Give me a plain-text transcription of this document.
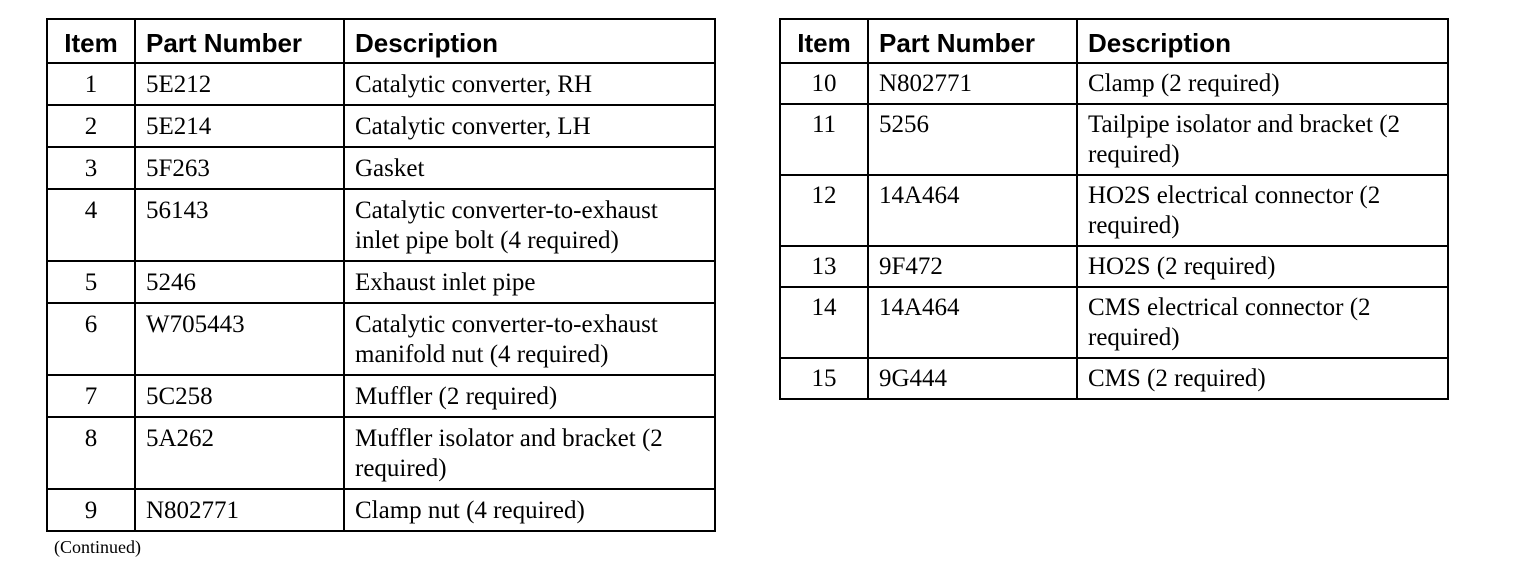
Item	Part Number	Description
1	5E212	Catalytic converter, RH
2	5E214	Catalytic converter, LH
3	5F263	Gasket
4	56143	Catalytic converter-to-exhaust inlet pipe bolt (4 required)
5	5246	Exhaust inlet pipe
6	W705443	Catalytic converter-to-exhaust manifold nut (4 required)
7	5C258	Muffler (2 required)
8	5A262	Muffler isolator and bracket (2 required)
9	N802771	Clamp nut (4 required)
Item	Part Number	Description
10	N802771	Clamp (2 required)
11	5256	Tailpipe isolator and bracket (2 required)
12	14A464	HO2S electrical connector (2 required)
13	9F472	HO2S (2 required)
14	14A464	CMS electrical connector (2 required)
15	9G444	CMS (2 required)
(Continued)
